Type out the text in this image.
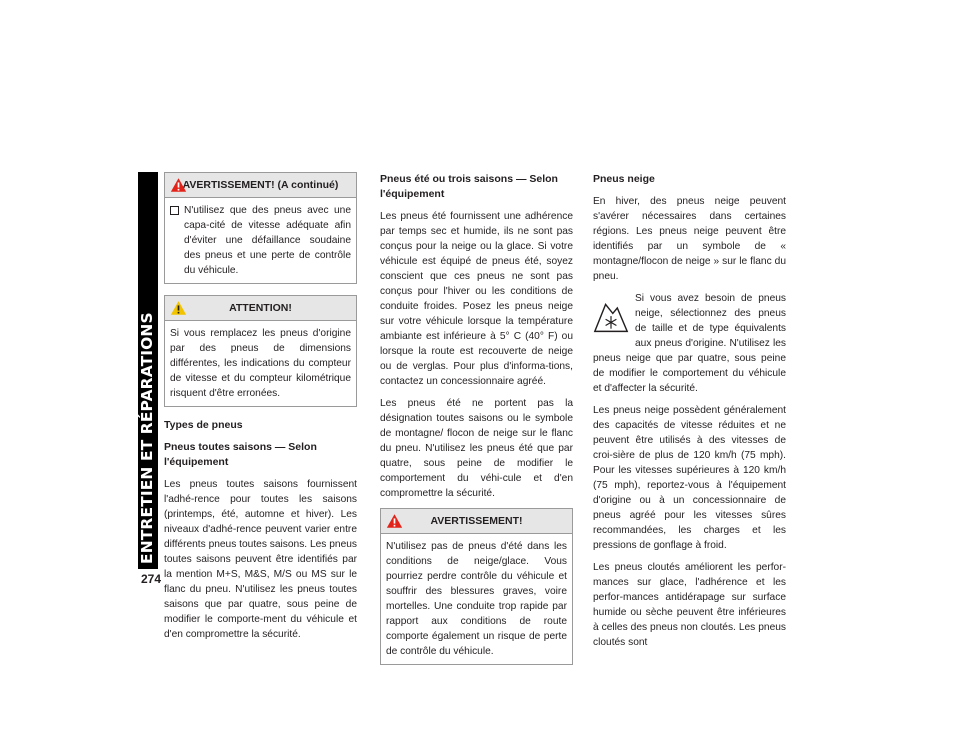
ENTRETIEN ET RÉPARATIONS
274
AVERTISSEMENT! (A continué)
N'utilisez que des pneus avec une capa-cité de vitesse adéquate afin d'éviter une défaillance soudaine des pneus et une perte de contrôle du véhicule.
ATTENTION!
Si vous remplacez les pneus d'origine par des pneus de dimensions différentes, les indications du compteur de vitesse et du compteur kilométrique risquent d'être erronées.
Types de pneus
Pneus toutes saisons — Selon l'équipement

Les pneus toutes saisons fournissent l'adhé-rence pour toutes les saisons (printemps, été, automne et hiver). Les niveaux d'adhé-rence peuvent varier entre différents pneus toutes saisons. Les pneus toutes saisons peuvent être identifiés par la mention M+S, M&S, M/S ou MS sur le flanc du pneu. N'utilisez les pneus toutes saisons que par quatre, sous peine de modifier le comporte-ment du véhicule et d'en compromettre la sécurité.

Pneus été ou trois saisons — Selon l'équipement

Les pneus été fournissent une adhérence par temps sec et humide, ils ne sont pas conçus pour la neige ou la glace. Si votre véhicule est équipé de pneus été, soyez conscient que ces pneus ne sont pas conçus pour l'hiver ou les conditions de conduite froides. Posez les pneus neige sur votre véhicule lorsque la température ambiante est inférieure à 5° C (40° F) ou lorsque la route est recouverte de neige ou de verglas. Pour plus d'informa-tions, contactez un concessionnaire agréé.

Les pneus été ne portent pas la désignation toutes saisons ou le symbole de montagne/ flocon de neige sur le flanc du pneu. N'utilisez les pneus été que par quatre, sous peine de modifier le comportement du véhi-cule et d'en compromettre la sécurité.

AVERTISSEMENT!
N'utilisez pas de pneus d'été dans les conditions de neige/glace. Vous pourriez perdre contrôle du véhicule et souffrir des blessures graves, voire mortelles. Une conduite trop rapide par rapport aux conditions de route comporte également un risque de perte de contrôle du véhicule.
Pneus neige

En hiver, des pneus neige peuvent s'avérer nécessaires dans certaines régions. Les pneus neige peuvent être identifiés par un symbole de « montagne/flocon de neige » sur le flanc du pneu.

Si vous avez besoin de pneus neige, sélectionnez des pneus de taille et de type équivalents aux pneus d'origine. N'utilisez les pneus neige que par quatre, sous peine de modifier le comportement du véhicule et d'affecter la sécurité.

Les pneus neige possèdent généralement des capacités de vitesse réduites et ne peuvent être utilisés à des vitesses de croi-sière de plus de 120 km/h (75 mph). Pour les vitesses supérieures à 120 km/h (75 mph), reportez-vous à l'équipement d'origine ou à un concessionnaire de pneus agréé pour les vitesses sûres recommandées, les charges et les pressions de gonflage à froid.

Les pneus cloutés améliorent les perfor-mances sur glace, l'adhérence et les perfor-mances antidérapage sur surface humide ou sèche peuvent être inférieures à celles des pneus non cloutés. Les pneus cloutés sont
